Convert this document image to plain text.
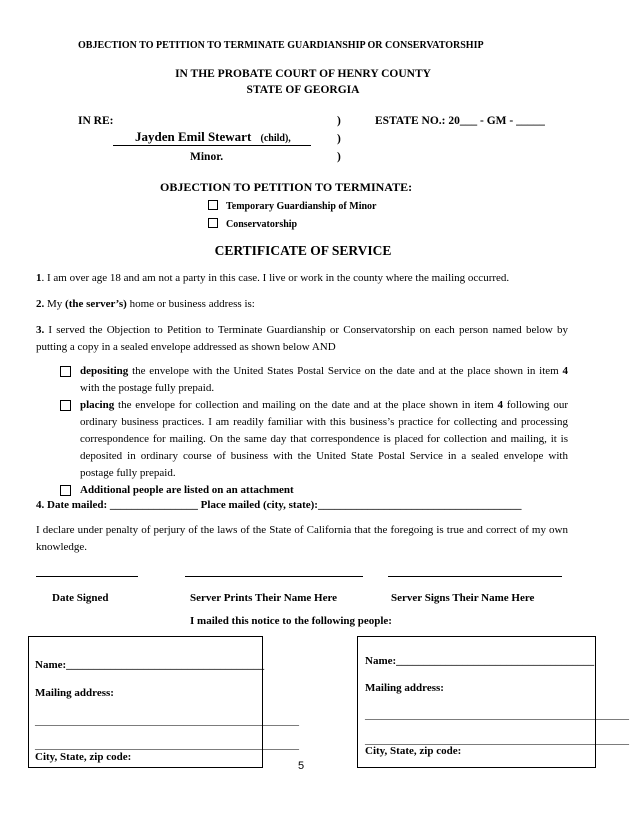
OBJECTION TO PETITION TO TERMINATE GUARDIANSHIP OR CONSERVATORSHIP
IN THE PROBATE COURT OF HENRY COUNTY
STATE OF GEORGIA
IN RE:
Jayden Emil Stewart (child),
Minor.
)
)
)
ESTATE NO.: 20___ - GM - _____
OBJECTION TO PETITION TO TERMINATE:
Temporary Guardianship of Minor
Conservatorship
CERTIFICATE OF SERVICE
1. I am over age 18 and am not a party in this case. I live or work in the county where the mailing occurred.
2. My (the server’s) home or business address is:
3. I served the Objection to Petition to Terminate Guardianship or Conservatorship on each person named below by putting a copy in a sealed envelope addressed as shown below AND
depositing the envelope with the United States Postal Service on the date and at the place shown in item 4 with the postage fully prepaid.
placing the envelope for collection and mailing on the date and at the place shown in item 4 following our ordinary business practices. I am readily familiar with this business’s practice for collecting and processing correspondence for mailing. On the same day that correspondence is placed for collection and mailing, it is deposited in ordinary course of business with the United State Postal Service in a sealed envelope with postage fully prepaid.
Additional people are listed on an attachment
4. Date mailed: ________________ Place mailed (city, state):_____________________________________
I declare under penalty of perjury of the laws of the State of California that the foregoing is true and correct of my own knowledge.
Date Signed	Server Prints Their Name Here	Server Signs Their Name Here
I mailed this notice to the following people:
Name:____________________________________
Mailing address:
________________________________________________
________________________________________________
City, State, zip code:
Name:____________________________________
Mailing address:
________________________________________________
________________________________________________
City, State, zip code:
5
